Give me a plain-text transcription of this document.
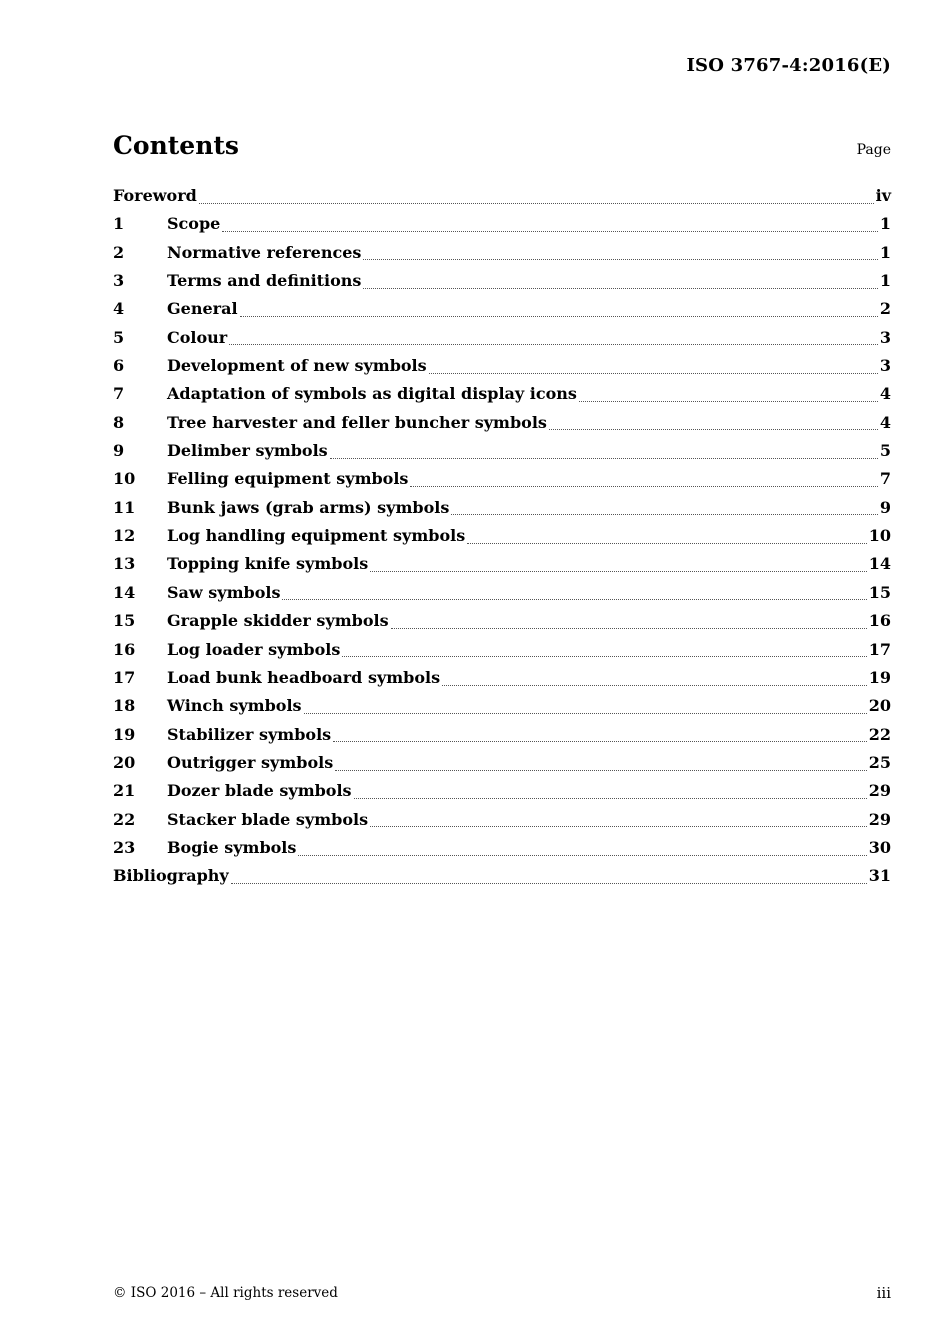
ISO 3767-4:2016(E)
Contents	Page
Foreword	iv
1	Scope	1
2	Normative references	1
3	Terms and definitions	1
4	General	2
5	Colour	3
6	Development of new symbols	3
7	Adaptation of symbols as digital display icons	4
8	Tree harvester and feller buncher symbols	4
9	Delimber symbols	5
10	Felling equipment symbols	7
11	Bunk jaws (grab arms) symbols	9
12	Log handling equipment symbols	10
13	Topping knife symbols	14
14	Saw symbols	15
15	Grapple skidder symbols	16
16	Log loader symbols	17
17	Load bunk headboard symbols	19
18	Winch symbols	20
19	Stabilizer symbols	22
20	Outrigger symbols	25
21	Dozer blade symbols	29
22	Stacker blade symbols	29
23	Bogie symbols	30
Bibliography	31
© ISO 2016 – All rights reserved	iii
